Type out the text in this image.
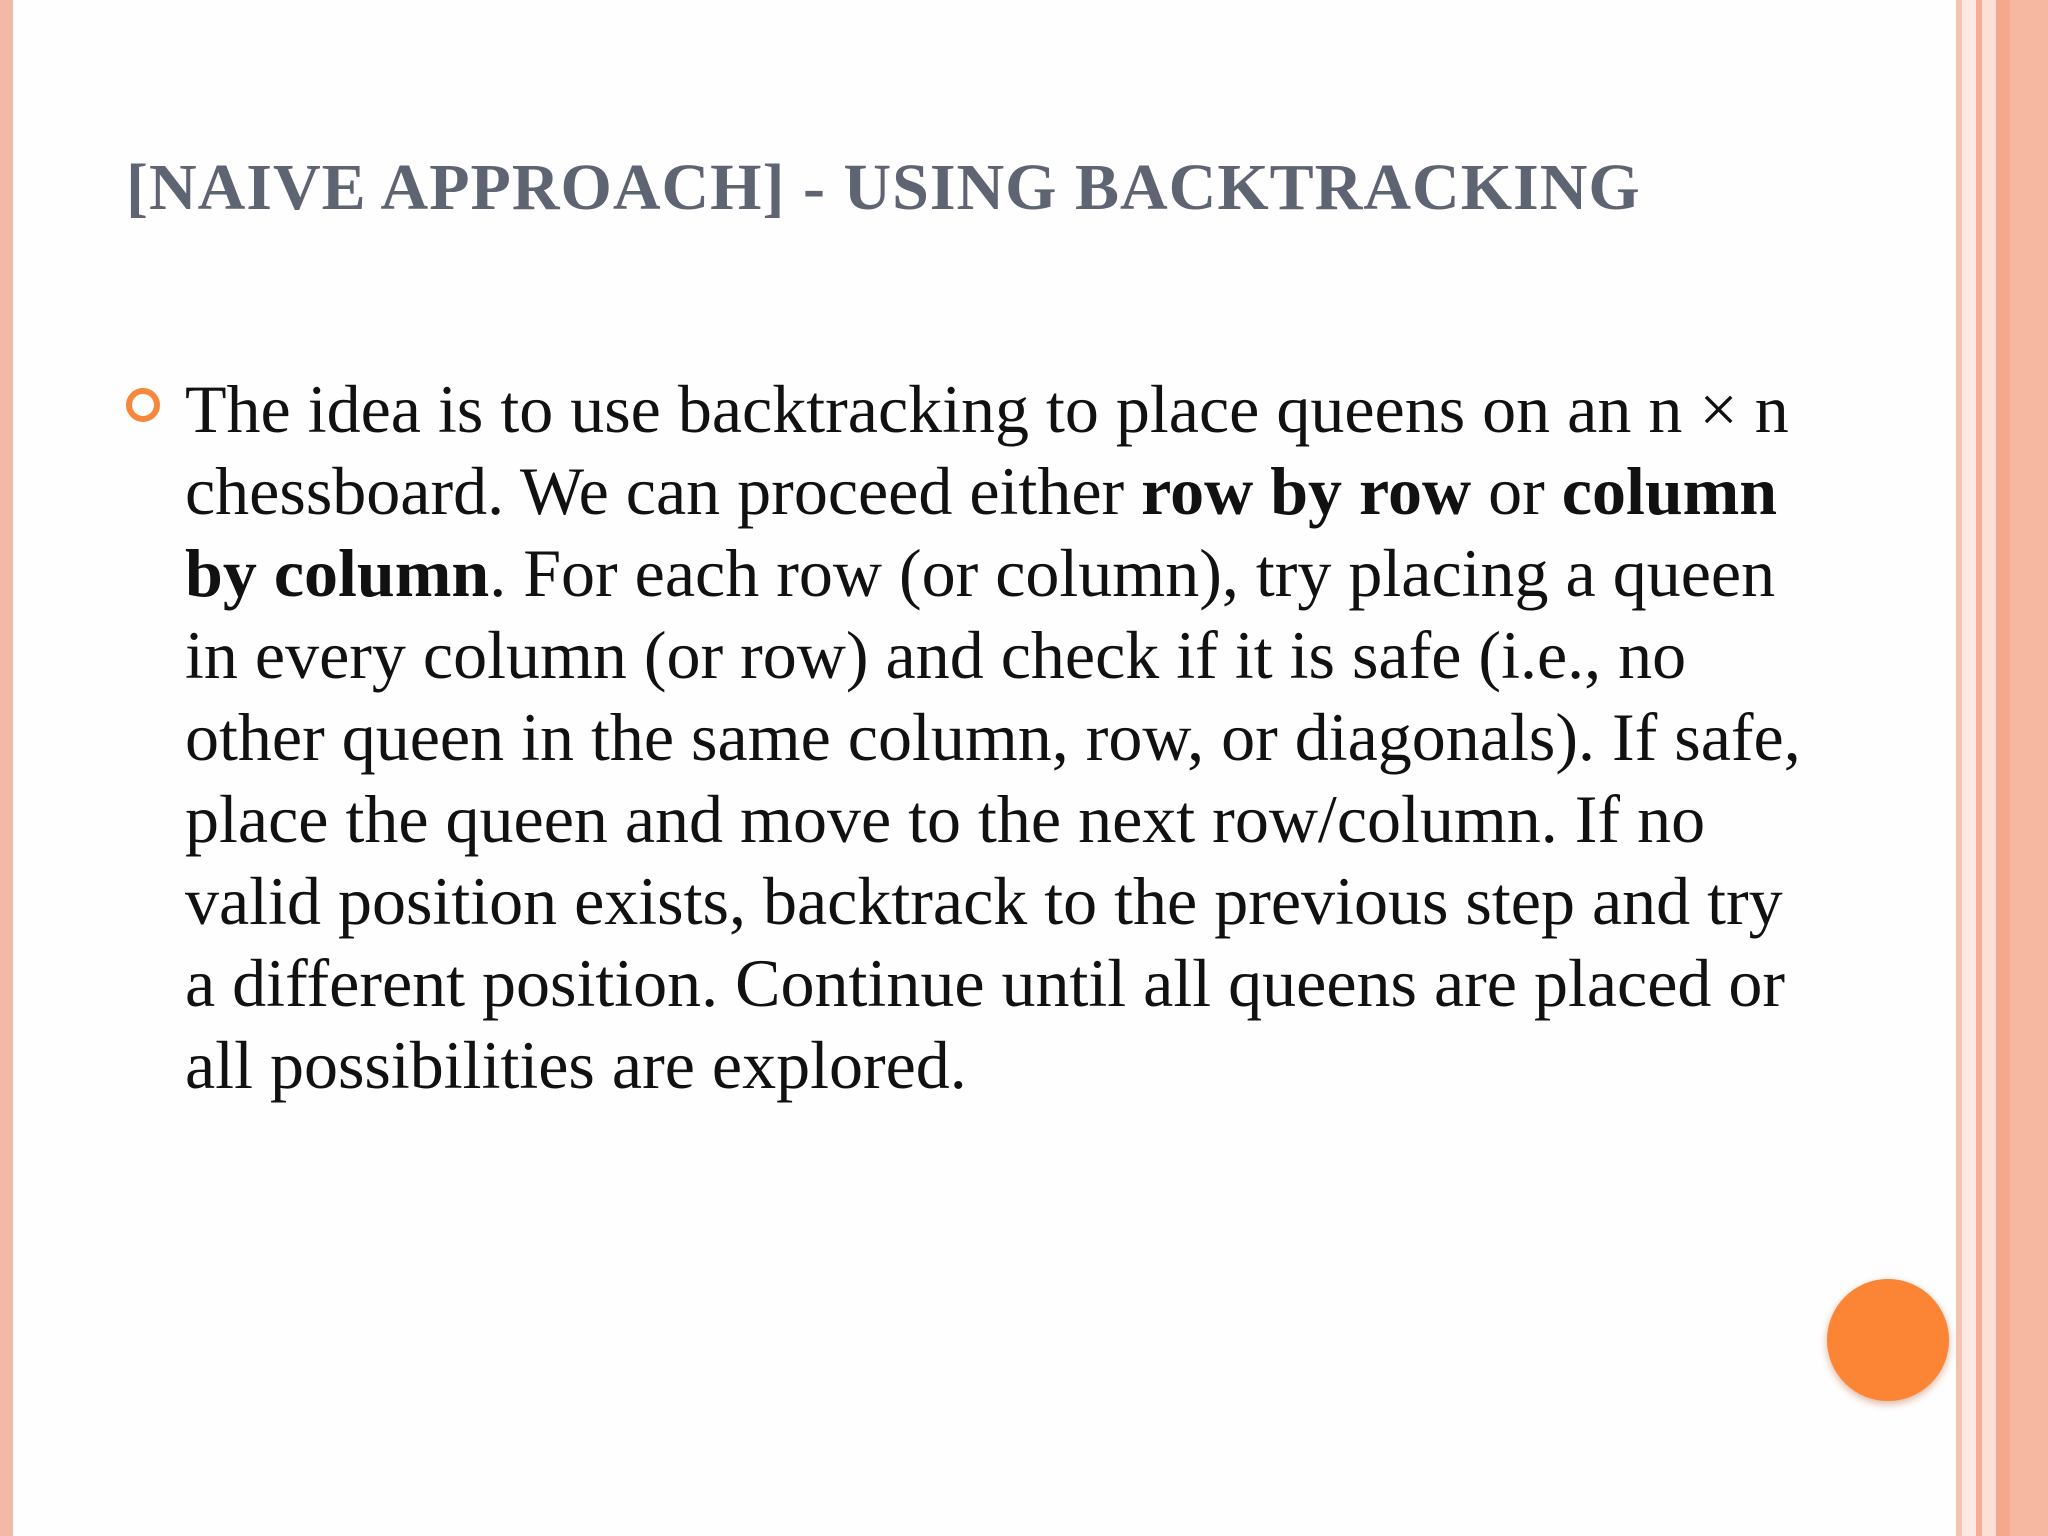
[NAIVE APPROACH] - USING BACKTRACKING
The idea is to use backtracking to place queens on an n × n chessboard. We can proceed either row by row or column by column. For each row (or column), try placing a queen in every column (or row) and check if it is safe (i.e., no other queen in the same column, row, or diagonals). If safe, place the queen and move to the next row/column. If no valid position exists, backtrack to the previous step and try a different position. Continue until all queens are placed or all possibilities are explored.
